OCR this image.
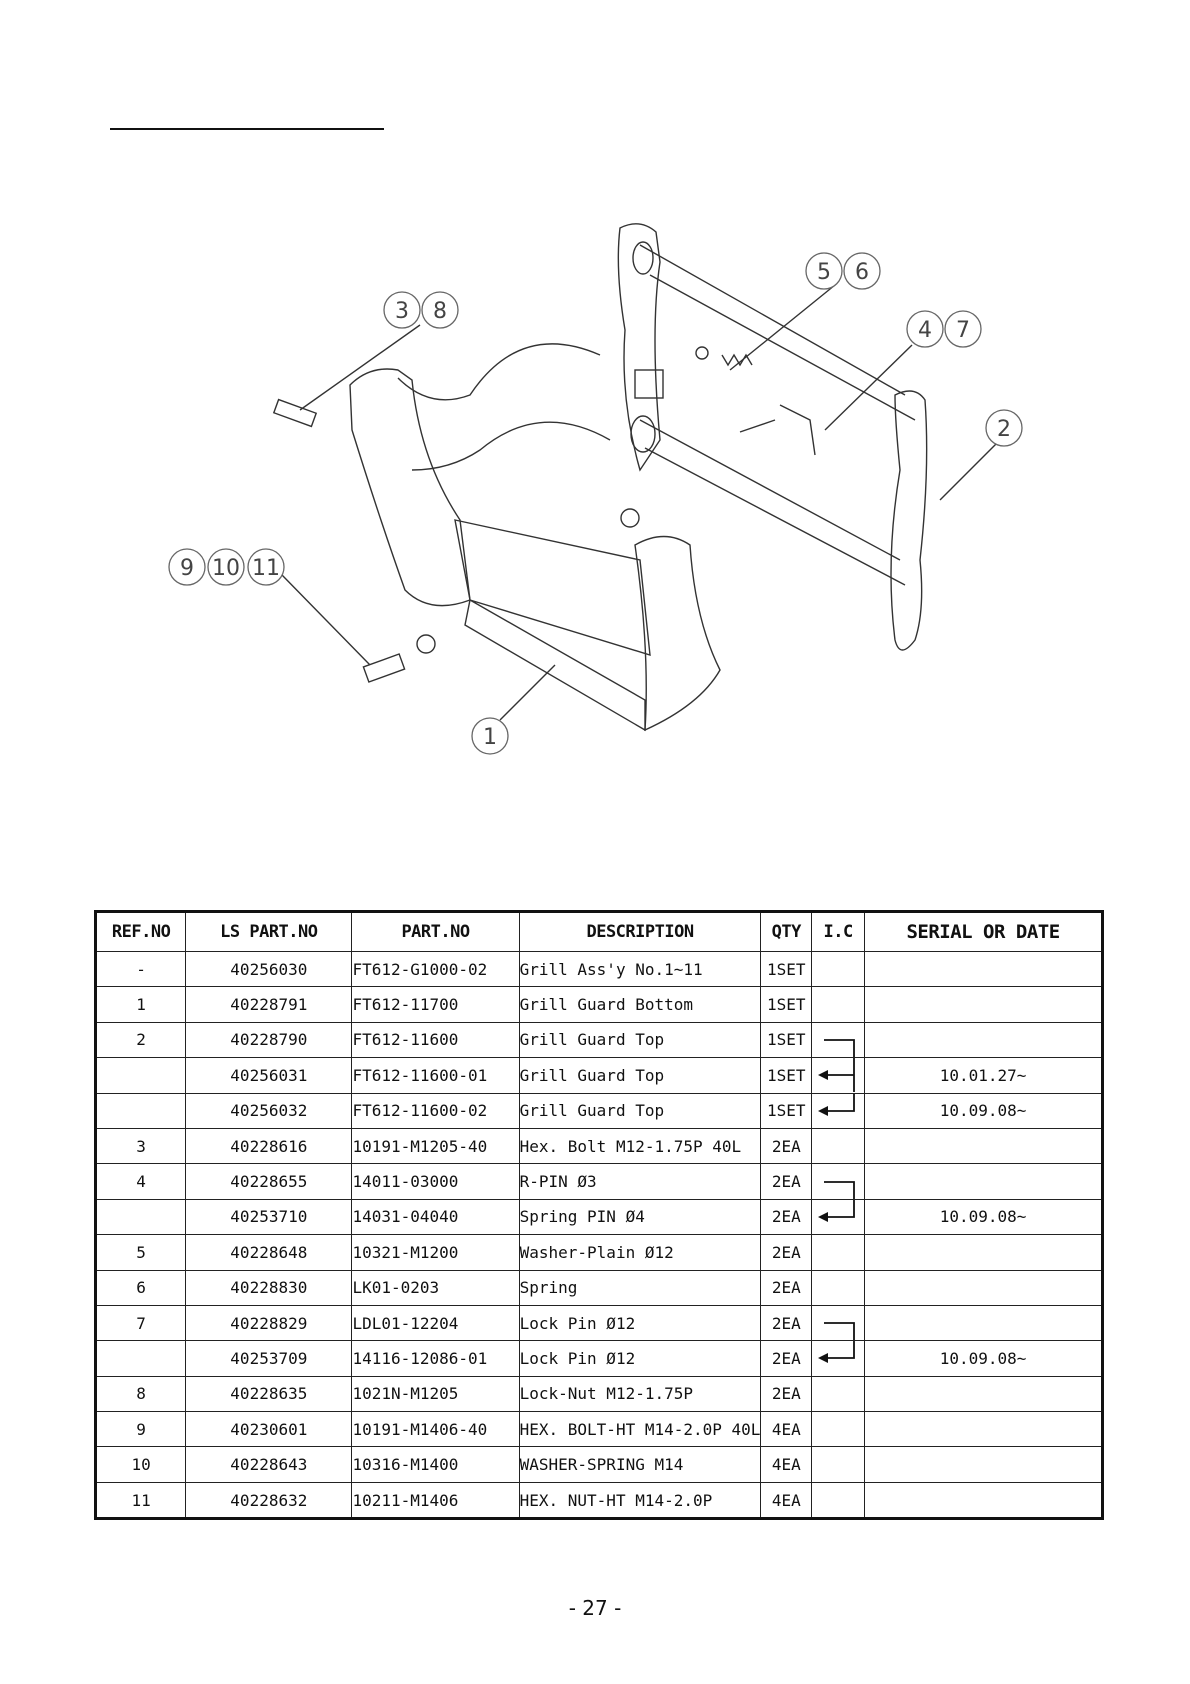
3 8
5 6
4 7
2
9 10 11
1
REF.NO	LS PART.NO	PART.NO	DESCRIPTION	QTY	I.C	SERIAL OR DATE
-	40256030	FT612-G1000-02	Grill Ass'y No.1~11	1SET		
1	40228791	FT612-11700	Grill Guard Bottom	1SET		
2	40228790	FT612-11600	Grill Guard Top	1SET	

	40256031	FT612-11600-01	Grill Guard Top	1SET		10.01.27~
	40256032	FT612-11600-02	Grill Guard Top	1SET		10.09.08~
3	40228616	10191-M1205-40	Hex. Bolt M12-1.75P 40L	2EA		
4	40228655	14011-03000	R-PIN Ø3	2EA	

	40253710	14031-04040	Spring PIN Ø4	2EA		10.09.08~
5	40228648	10321-M1200	Washer-Plain Ø12	2EA		
6	40228830	LK01-0203	Spring	2EA		
7	40228829	LDL01-12204	Lock Pin Ø12	2EA	

	40253709	14116-12086-01	Lock Pin Ø12	2EA		10.09.08~
8	40228635	1021N-M1205	Lock-Nut M12-1.75P	2EA		
9	40230601	10191-M1406-40	HEX. BOLT-HT M14-2.0P 40L	4EA		
10	40228643	10316-M1400	WASHER-SPRING M14	4EA		
11	40228632	10211-M1406	HEX. NUT-HT M14-2.0P	4EA		
- 27 -
